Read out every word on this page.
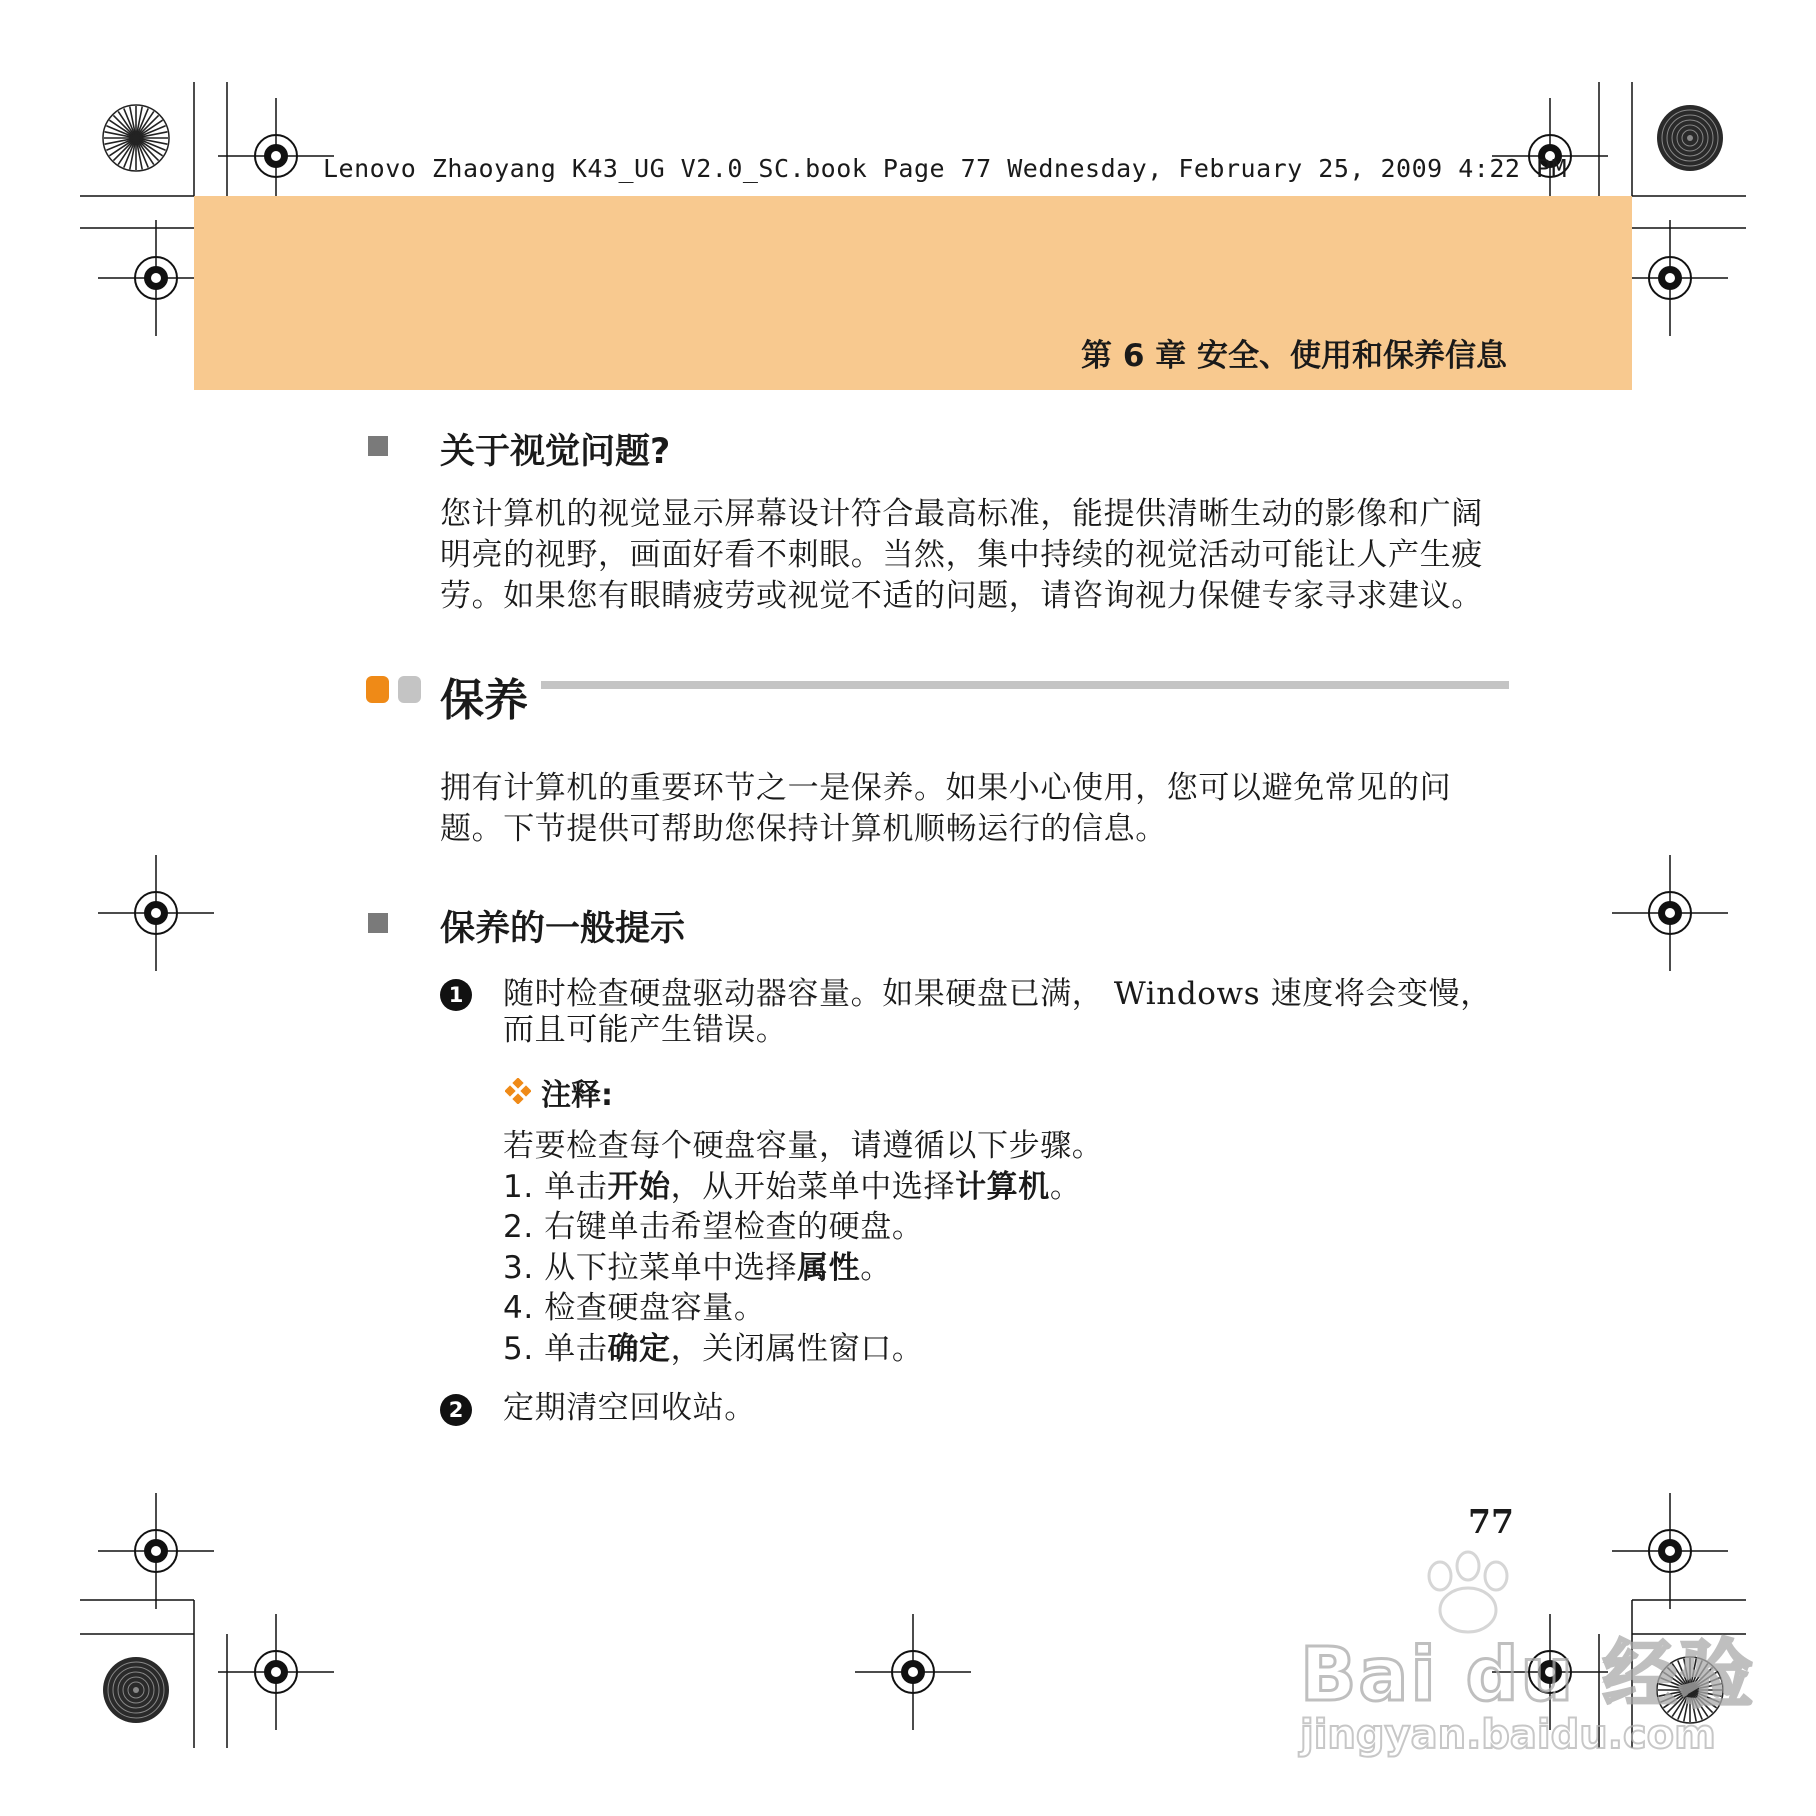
Lenovo Zhaoyang K43_UG V2.0_SC.book Page 77 Wednesday, February 25, 2009 4:22 PM
第 6 章 安全、使用和保养信息
关于视觉问题?
您计算机的视觉显示屏幕设计符合最高标准，能提供清晰生动的影像和广阔明亮的视野，画面好看不刺眼。当然，集中持续的视觉活动可能让人产生疲劳。如果您有眼睛疲劳或视觉不适的问题，请咨询视力保健专家寻求建议。
保养
拥有计算机的重要环节之一是保养。如果小心使用，您可以避免常见的问题。下节提供可帮助您保持计算机顺畅运行的信息。
保养的一般提示
1 随时检查硬盘驱动器容量。如果硬盘已满， Windows 速度将会变慢，而且可能产生错误。
注释:
若要检查每个硬盘容量，请遵循以下步骤。
1. 单击开始，从开始菜单中选择计算机。
2. 右键单击希望检查的硬盘。
3. 从下拉菜单中选择属性。
4. 检查硬盘容量。
5. 单击确定，关闭属性窗口。
2 定期清空回收站。
77
Bai du 经验
jingyan.baidu.com
